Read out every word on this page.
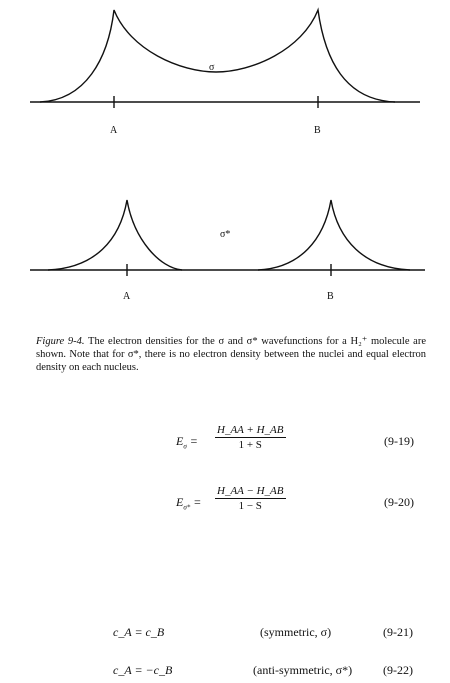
σ
A	B
σ*
A	B
Figure 9-4. The electron densities for the σ and σ* wavefunctions for a H₂⁺ molecule are shown. Note that for σ*, there is no electron density between the nuclei and equal electron density on each nucleus.
$E_\sigma = \frac{H\_AA + H\_AB}{1 + S}$	(9-19)
$E_{\sigma*} = \frac{H\_AA - H\_AB}{1 - S}$	(9-20)
c_A = c_B	(symmetric, σ)	(9-21)
c_A = −c_B	(anti-symmetric, σ*)	(9-22)
